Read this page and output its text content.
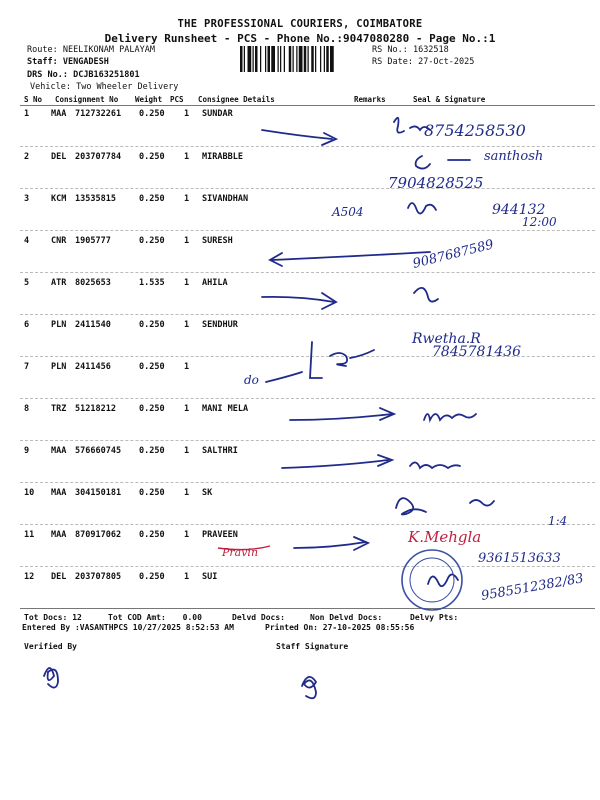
THE PROFESSIONAL COURIERS, COIMBATORE
Delivery Runsheet - PCS - Phone No.:9047080280 - Page No.:1
Route: NEELIKONAM PALAYAM
Staff: VENGADESH
DRS No.: DCJB163251801
Vehicle: Two Wheeler Delivery
RS No.: 1632518
RS Date: 27-Oct-2025
S No Consignment No Weight PCS Consignee Details	Remarks	Seal & Signature
1	MAA 712732261 0.250 1 SUNDAR
2	DEL 203707784 0.250 1 MIRABBLE
3	KCM 13535815	0.250 1 SIVANDHAN
4	CNR 1905777	0.250 1 SURESH
5	ATR 8025653	1.535 1 AHILA
6	PLN 2411540	0.250 1 SENDHUR
7	PLN 2411456	0.250 1
8	TRZ 51218212	0.250 1 MANI MELA
9	MAA 576660745 0.250 1 SALTHRI
10 MAA 304150181 0.250 1 SK
11 MAA 870917062 0.250 1 PRAVEEN
12 DEL 203707805 0.250 1 SUI
Tot Docs: 12	Tot COD Amt: 0.00	Delvd Docs:	Non Delvd Docs:	Delvy Pts:
Entered By :VASANTHPCS 10/27/2025 8:52:53 AM	Printed On: 27-10-2025 08:55:56
Verified By	Staff Signature
8754258530
santhosh
7904828525
A504	944132
12:00
9087687589
Rwetha.R
7845781436
do
1:4
K.Mehgla
9361513633
Pravin
9585512382/83
